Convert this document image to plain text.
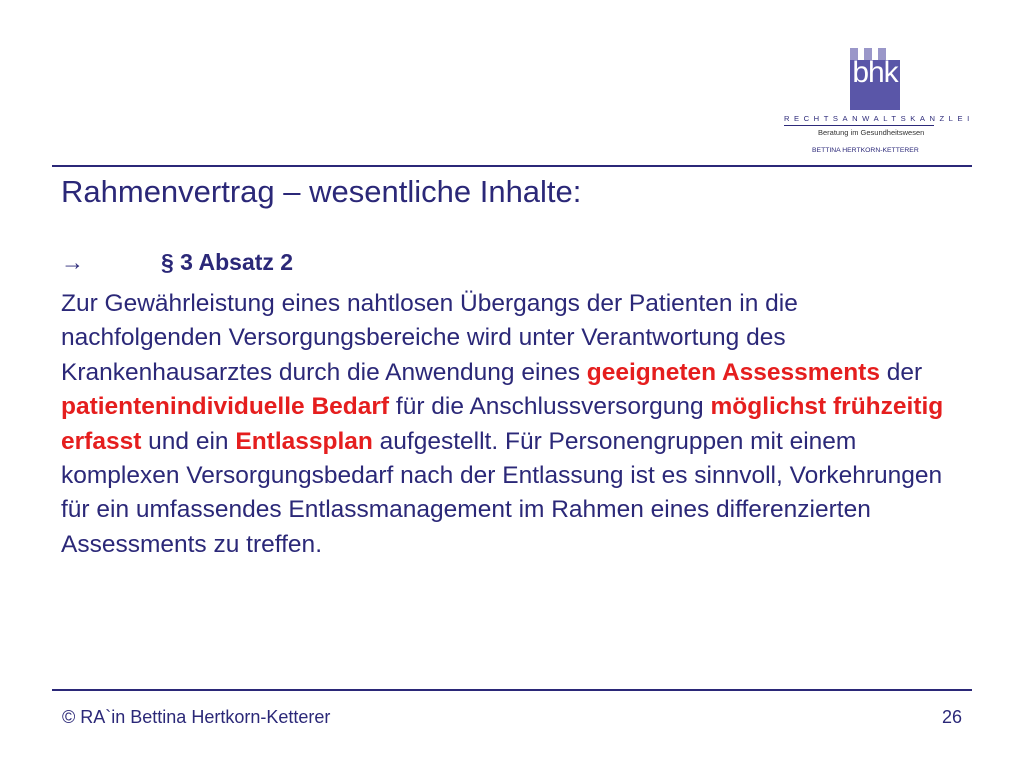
bhk
RECHTSANWALTSKANZLEI
Beratung im Gesundheitswesen
BETTINA HERTKORN-KETTERER
Rahmenvertrag – wesentliche Inhalte:
→	§ 3 Absatz 2
Zur Gewährleistung eines nahtlosen Übergangs der Patienten in die nachfolgenden Versorgungsbereiche wird unter Verantwortung des Krankenhausarztes durch die Anwendung eines geeigneten Assessments der patientenindividuelle Bedarf für die Anschlussversorgung möglichst frühzeitig erfasst und ein Entlassplan aufgestellt. Für Personengruppen mit einem komplexen Versorgungsbedarf nach der Entlassung ist es sinnvoll, Vorkehrungen für ein umfassendes Entlassmanagement im Rahmen eines differenzierten Assessments zu treffen.
© RA`in Bettina Hertkorn-Ketterer	26
